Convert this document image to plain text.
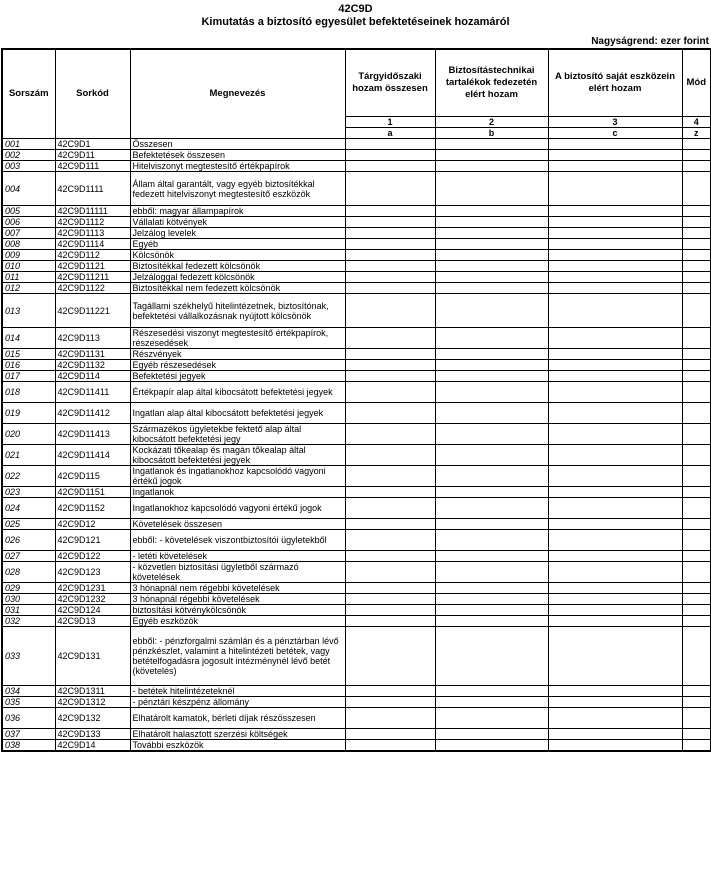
42C9D
Kimutatás a biztosító egyesület befektetéseinek hozamáról
Nagyságrend: ezer forint
Sorszám	Sorkód	Megnevezés	Tárgyidőszaki hozam összesen	Biztosítástechnikai tartalékok fedezetén elért hozam	A biztosító saját eszközein elért hozam	Mód
			1	2	3	4
			a	b	c	z
001	42C9D1	Összesen				
002	42C9D11	Befektetések összesen				
003	42C9D111	Hitelviszonyt megtestesítő értékpapírok				
004	42C9D1111	Állam által garantált, vagy egyéb biztosítékkal fedezett hitelviszonyt megtestesítő eszközök				
005	42C9D11111	ebből: magyar állampapírok				
006	42C9D1112	Vállalati kötvények				
007	42C9D1113	Jelzálog levelek				
008	42C9D1114	Egyéb				
009	42C9D112	Kölcsönök				
010	42C9D1121	Biztosítékkal fedezett kölcsönök				
011	42C9D11211	Jelzáloggal fedezett kölcsönök				
012	42C9D1122	Biztosítékkal nem fedezett kölcsönök				
013	42C9D11221	Tagállami székhelyű hitelintézetnek, biztosítónak, befektetési vállalkozásnak nyújtott kölcsönök				
014	42C9D113	Részesedési viszonyt megtestesítő értékpapírok, részesedések				
015	42C9D1131	Részvények				
016	42C9D1132	Egyéb részesedések				
017	42C9D114	Befektetési jegyek				
018	42C9D11411	Értékpapír alap által kibocsátott befektetési jegyek				
019	42C9D11412	Ingatlan alap által kibocsátott befektetési jegyek				
020	42C9D11413	Származékos ügyletekbe fektető alap által kibocsátott befektetési jegy				
021	42C9D11414	Kockázati tőkealap és magán tőkealap által kibocsátott befektetési jegyek				
022	42C9D115	Ingatlanok és ingatlanokhoz kapcsolódó vagyoni értékű jogok				
023	42C9D1151	Ingatlanok				
024	42C9D1152	Ingatlanokhoz kapcsolódó vagyoni értékű jogok				
025	42C9D12	Követelések összesen				
026	42C9D121	ebből: - követelések viszontbiztosítói ügyletekből				
027	42C9D122	- letéti követelések				
028	42C9D123	- közvetlen biztosítási ügyletből származó követelések				
029	42C9D1231	3 hónapnál nem régebbi követelések				
030	42C9D1232	3 hónapnál régebbi követelések				
031	42C9D124	biztosítási kötvénykölcsönök				
032	42C9D13	Egyéb eszközök				
033	42C9D131	ebből: - pénzforgalmi számlán és a pénztárban lévő pénzkészlet, valamint a hitelintézeti betétek, vagy betételfogadásra jogosult intézménynél lévő betét (követelés)				
034	42C9D1311	- betétek hitelintézeteknél				
035	42C9D1312	- pénztári készpénz állomány				
036	42C9D132	Elhatárolt kamatok, bérleti díjak részösszesen				
037	42C9D133	Elhatárolt halasztott szerzési költségek				
038	42C9D14	További eszközök				
